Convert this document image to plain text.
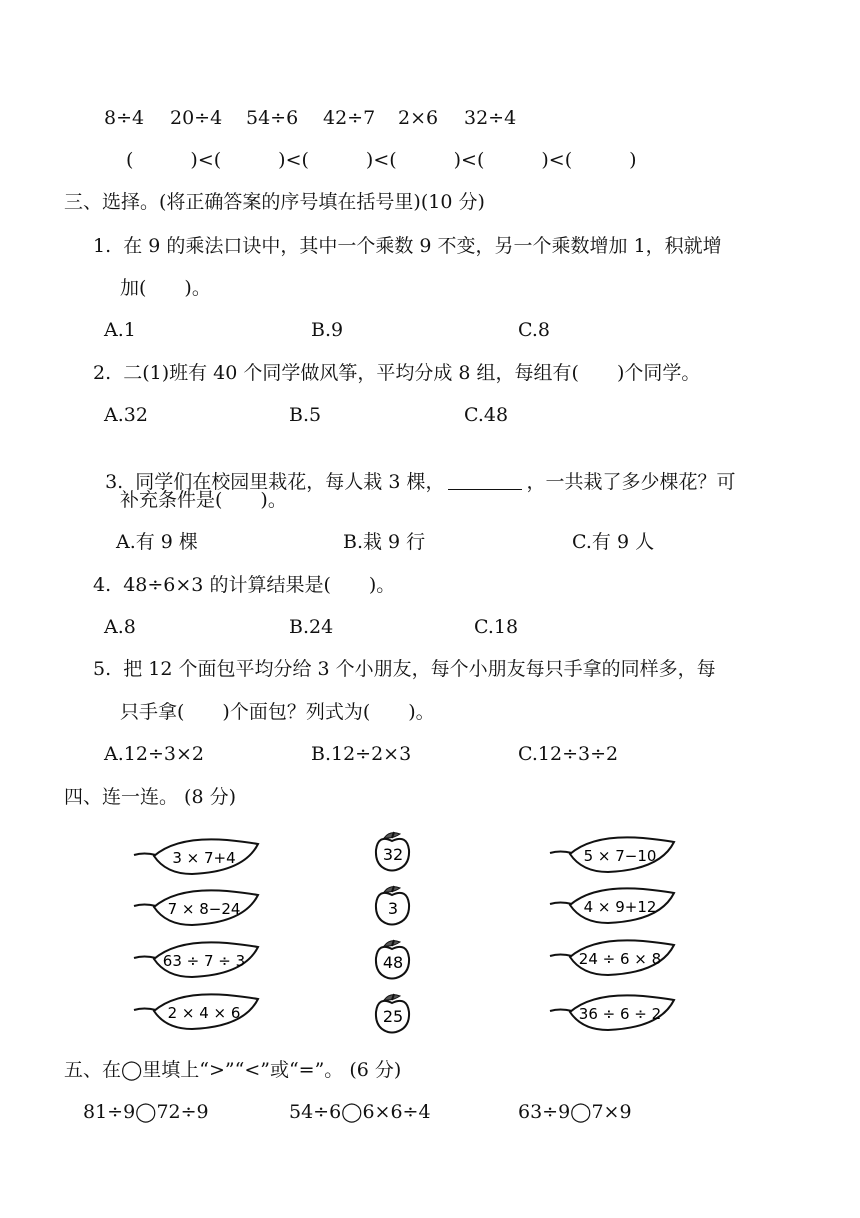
8÷4 20÷4 54÷6 42÷7 2×6 32÷4
(　　　)<(　　　)<(　　　)<(　　　)<(　　　)<(　　　)
三、选择。(将正确答案的序号填在括号里)(10 分)
1.  在 9 的乘法口诀中，其中一个乘数 9 不变，另一个乘数增加 1，积就增
加(　　)。
A.1	B.9	C.8
2.  二(1)班有 40 个同学做风筝，平均分成 8 组，每组有(　　)个同学。
A.32	B.5	C.48

3.  同学们在校园里栽花，每人栽 3 棵，	，一共栽了多少棵花？可

补充条件是(　　)。
A.有 9 棵	B.栽 9 行	C.有 9 人
4.  48÷6×3 的计算结果是(　　)。
A.8	B.24	C.18
5.  把 12 个面包平均分给 3 个小朋友，每个小朋友每只手拿的同样多，每
只手拿(　　)个面包？列式为(　　)。
A.12÷3×2	B.12÷2×3	C.12÷3÷2
四、连一连。 (8 分)
3 × 7+4
7 × 8−24
63 ÷ 7 ÷ 3
2 × 4 × 6
32
3
48
25
5 × 7−10
4 × 9+12
24 ÷ 6 × 8
36 ÷ 6 ÷ 2
五、在◯里填上“>”“<”或“=”。 (6 分)
81÷9◯72÷9	54÷6◯6×6÷4	63÷9◯7×9
